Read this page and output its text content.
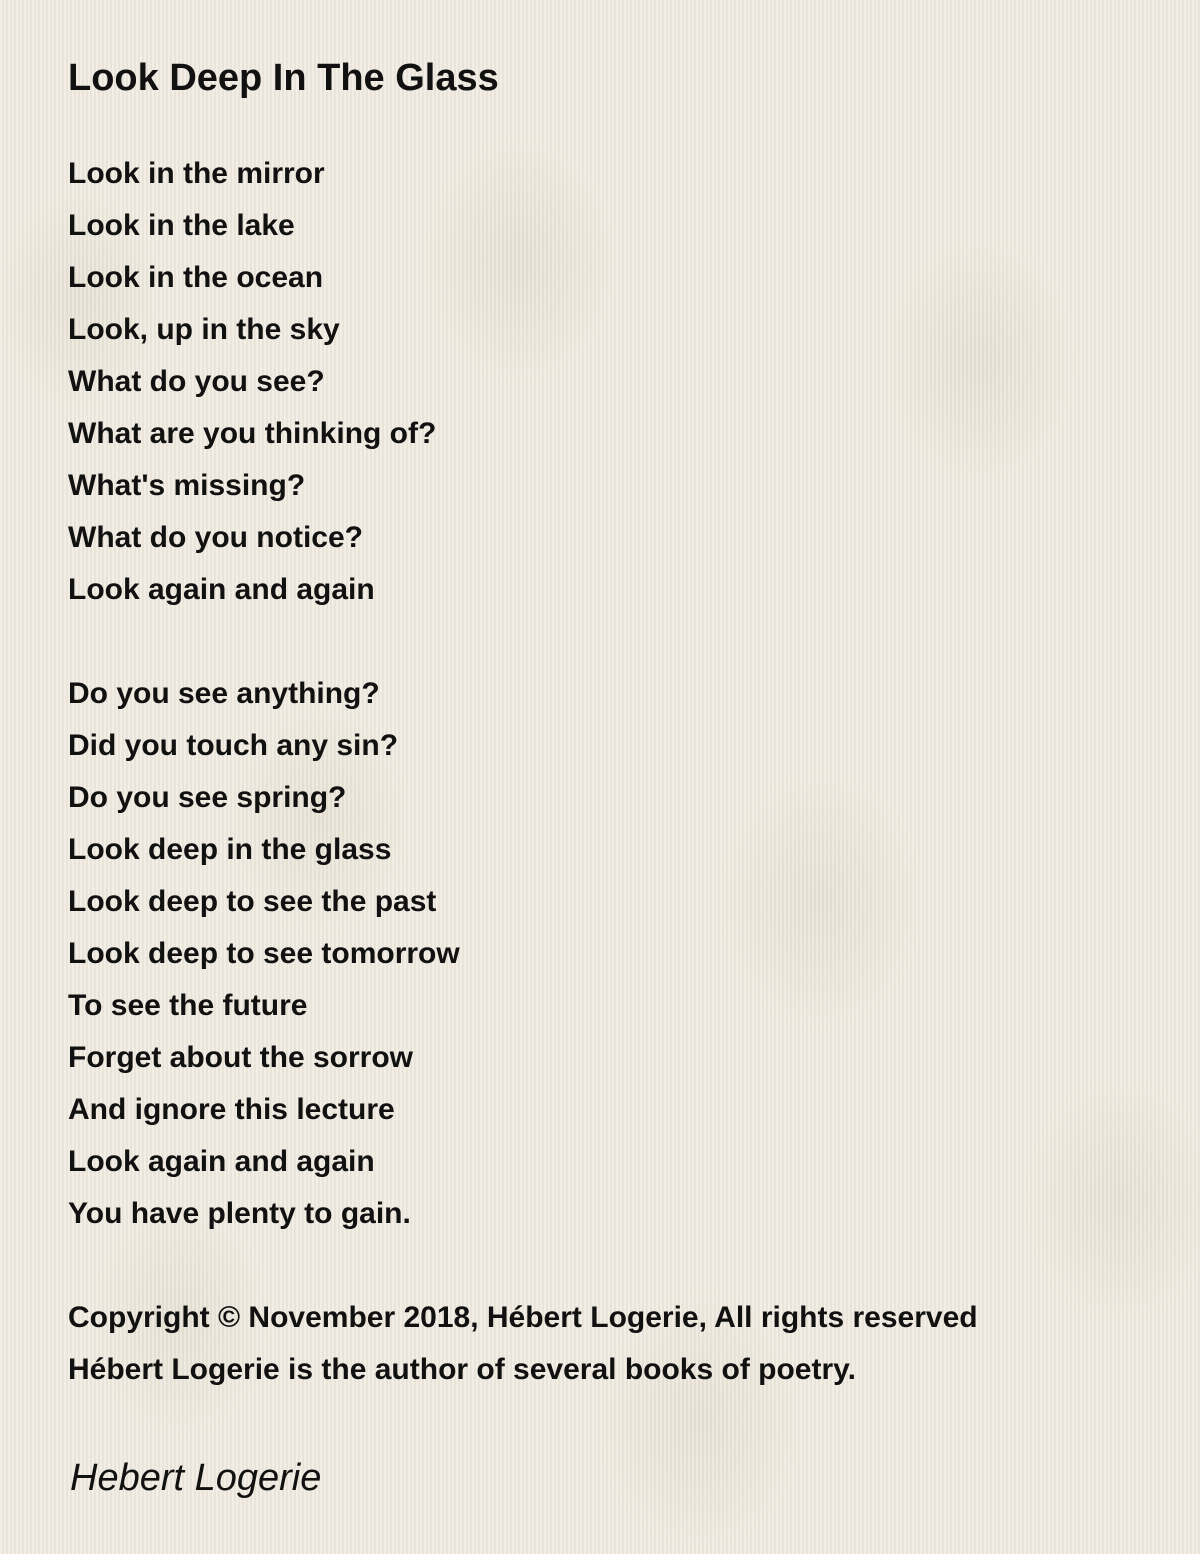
Look Deep In The Glass
Look in the mirror
Look in the lake
Look in the ocean
Look, up in the sky
What do you see?
What are you thinking of?
What's missing?
What do you notice?
Look again and again
Do you see anything?
Did you touch any sin?
Do you see spring?
Look deep in the glass
Look deep to see the past
Look deep to see tomorrow
To see the future
Forget about the sorrow
And ignore this lecture
Look again and again
You have plenty to gain.
Copyright © November 2018, Hébert Logerie, All rights reserved
Hébert Logerie is the author of several books of poetry.
Hebert Logerie
